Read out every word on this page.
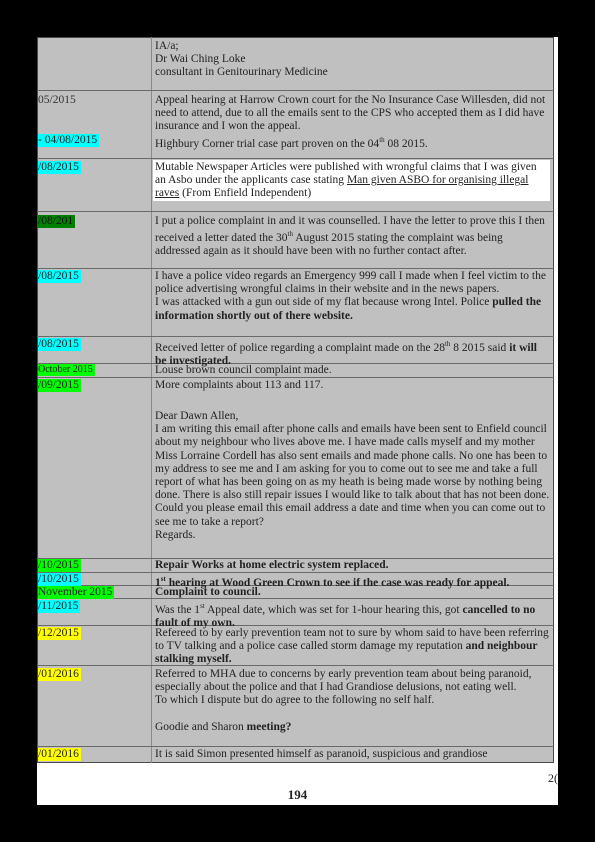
IA/a;

Dr Wai Ching Loke

consultant in Genitourinary Medicine

05/2015	Appeal hearing at Harrow Crown court for the No Insurance Case Willesden, did not need to attend, due to all the emails sent to the CPS who accepted them as I did have insurance and I won the appeal.
- 04/08/2015	Highbury Corner trial case part proven on the 04th 08 2015.
/08/2015	Mutable Newspaper Articles were published with wrongful claims that I was given an Asbo under the applicants case stating Man given ASBO for organising illegal raves (From Enfield Independent)
/08/201	I put a police complaint in and it was counselled. I have the letter to prove this I then received a letter dated the 30th August 2015 stating the complaint was being addressed again as it should have been with no further contact after.
/08/2015	I have a police video regards an Emergency 999 call I made when I feel victim to the police advertising wrongful claims in their website and in the news papers.

I was attacked with a gun out side of my flat because wrong Intel. Police pulled the information shortly out of there website.

/08/2015	Received letter of police regarding a complaint made on the 28th 8 2015 said it will be investigated.
October 2015	Louse brown council complaint made.
/09/2015	More complaints about 113 and 117.

Dear Dawn Allen,

I am writing this email after phone calls and emails have been sent to Enfield council about my neighbour who lives above me. I have made calls myself and my mother Miss Lorraine Cordell has also sent emails and made phone calls. No one has been to my address to see me and I am asking for you to come out to see me and take a full report of what has been going on as my heath is being made worse by nothing being done. There is also still repair issues I would like to talk about that has not been done.

Could you please email this email address a date and time when you can come out to see me to take a report?

Regards.

/10/2015	Repair Works at home electric system replaced.
/10/2015	1st hearing at Wood Green Crown to see if the case was ready for appeal.
November 2015	Complaint to council.
/11/2015	Was the 1st Appeal date, which was set for 1-hour hearing this, got cancelled to no fault of my own.
/12/2015	Refereed to by early prevention team not to sure by whom said to have been referring to TV talking and a police case called storm damage my reputation and neighbour stalking myself.
/01/2016	Referred to MHA due to concerns by early prevention team about being paranoid, especially about the police and that I had Grandiose delusions, not eating well.

To which I dispute but do agree to the following no self half.

Goodie and Sharon meeting?

/01/2016	It is said Simon presented himself as paranoid, suspicious and grandiose
2(
194
